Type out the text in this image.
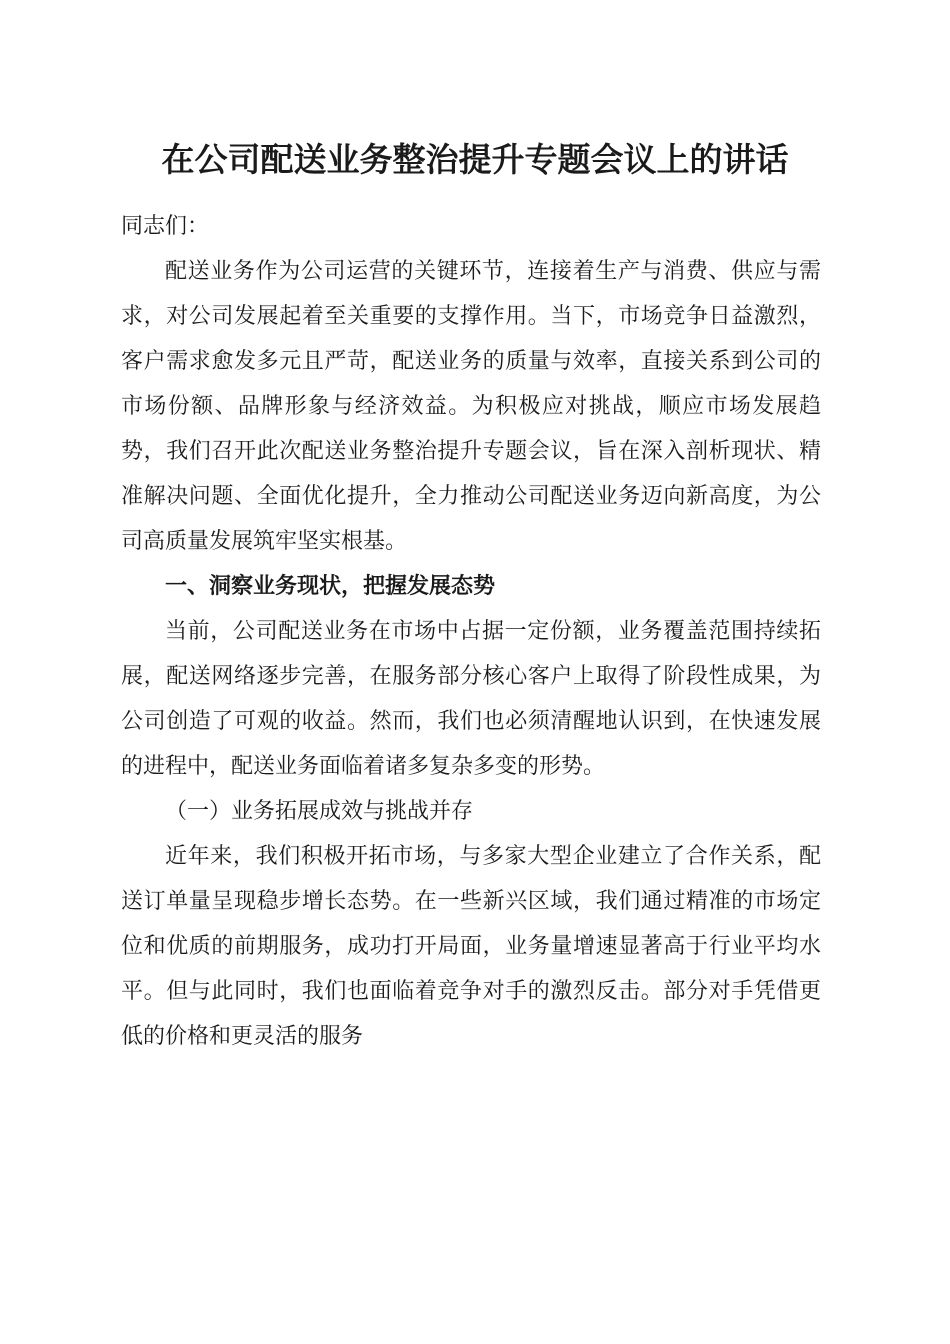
在公司配送业务整治提升专题会议上的讲话

同志们：

配送业务作为公司运营的关键环节，连接着生产与消费、供应与需求，对公司发展起着至关重要的支撑作用。当下，市场竞争日益激烈，客户需求愈发多元且严苛，配送业务的质量与效率，直接关系到公司的市场份额、品牌形象与经济效益。为积极应对挑战，顺应市场发展趋势，我们召开此次配送业务整治提升专题会议，旨在深入剖析现状、精准解决问题、全面优化提升，全力推动公司配送业务迈向新高度，为公司高质量发展筑牢坚实根基。

一、洞察业务现状，把握发展态势

当前，公司配送业务在市场中占据一定份额，业务覆盖范围持续拓展，配送网络逐步完善，在服务部分核心客户上取得了阶段性成果，为公司创造了可观的收益。然而，我们也必须清醒地认识到，在快速发展的进程中，配送业务面临着诸多复杂多变的形势。

（一）业务拓展成效与挑战并存

近年来，我们积极开拓市场，与多家大型企业建立了合作关系，配送订单量呈现稳步增长态势。在一些新兴区域，我们通过精准的市场定位和优质的前期服务，成功打开局面，业务量增速显著高于行业平均水平。但与此同时，我们也面临着竞争对手的激烈反击。部分对手凭借更低的价格和更灵活的服务
